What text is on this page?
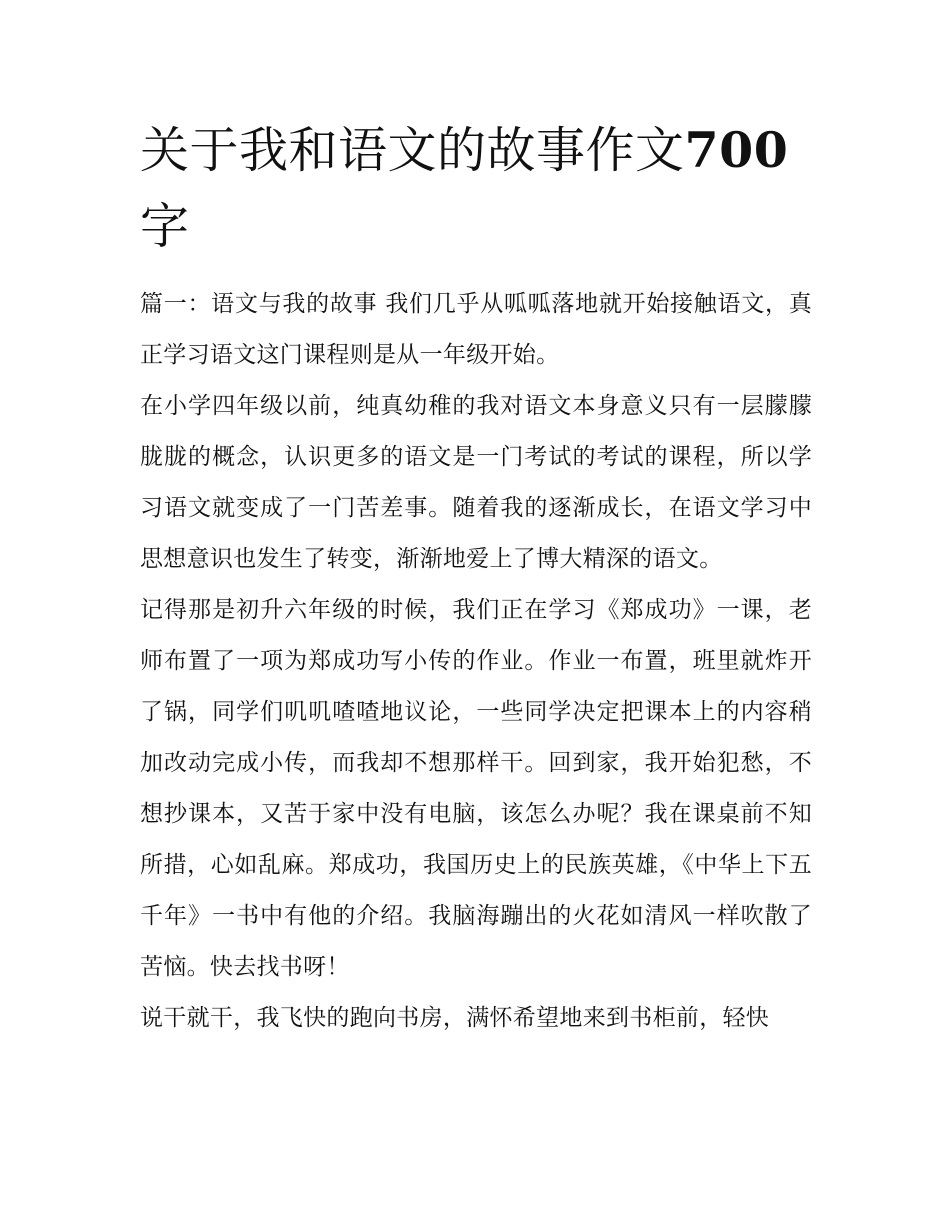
关于我和语文的故事作文700
字

篇一：语文与我的故事 我们几乎从呱呱落地就开始接触语文，真正学习语文这门课程则是从一年级开始。

在小学四年级以前，纯真幼稚的我对语文本身意义只有一层朦朦胧胧的概念，认识更多的语文是一门考试的考试的课程，所以学习语文就变成了一门苦差事。随着我的逐渐成长，在语文学习中思想意识也发生了转变，渐渐地爱上了博大精深的语文。

记得那是初升六年级的时候，我们正在学习《郑成功》一课，老师布置了一项为郑成功写小传的作业。作业一布置，班里就炸开了锅，同学们叽叽喳喳地议论，一些同学决定把课本上的内容稍加改动完成小传，而我却不想那样干。回到家，我开始犯愁，不想抄课本，又苦于家中没有电脑，该怎么办呢？我在课桌前不知所措，心如乱麻。郑成功，我国历史上的民族英雄，《中华上下五千年》一书中有他的介绍。我脑海蹦出的火花如清风一样吹散了苦恼。快去找书呀！

说干就干，我飞快的跑向书房，满怀希望地来到书柜前，轻快
